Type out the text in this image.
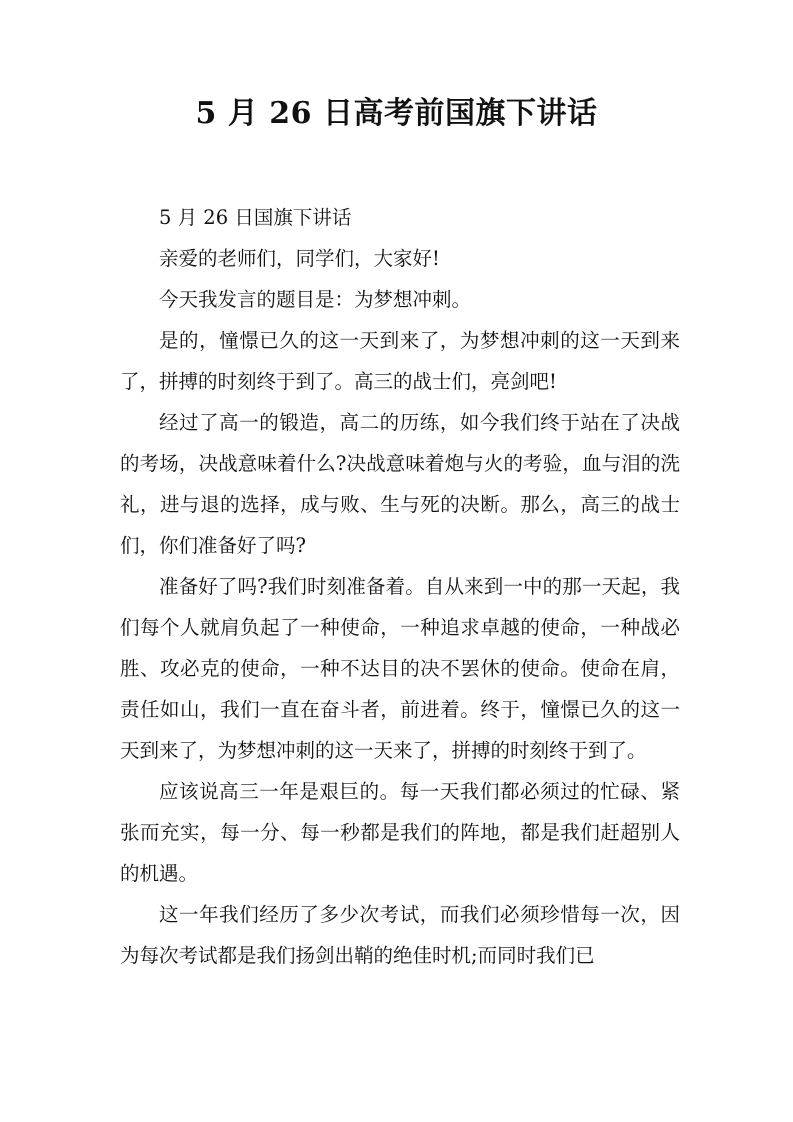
5 月 26 日高考前国旗下讲话

5 月 26 日国旗下讲话

亲爱的老师们，同学们，大家好!

今天我发言的题目是：为梦想冲刺。

是的，憧憬已久的这一天到来了，为梦想冲刺的这一天到来了，拼搏的时刻终于到了。高三的战士们，亮剑吧!

经过了高一的锻造，高二的历练，如今我们终于站在了决战的考场，决战意味着什么?决战意味着炮与火的考验，血与泪的洗礼，进与退的选择，成与败、生与死的决断。那么，高三的战士们，你们准备好了吗?

准备好了吗?我们时刻准备着。自从来到一中的那一天起，我们每个人就肩负起了一种使命，一种追求卓越的使命，一种战必胜、攻必克的使命，一种不达目的决不罢休的使命。使命在肩，责任如山，我们一直在奋斗者，前进着。终于，憧憬已久的这一天到来了，为梦想冲刺的这一天来了，拼搏的时刻终于到了。

应该说高三一年是艰巨的。每一天我们都必须过的忙碌、紧张而充实，每一分、每一秒都是我们的阵地，都是我们赶超别人的机遇。

这一年我们经历了多少次考试，而我们必须珍惜每一次，因为每次考试都是我们扬剑出鞘的绝佳时机;而同时我们已
